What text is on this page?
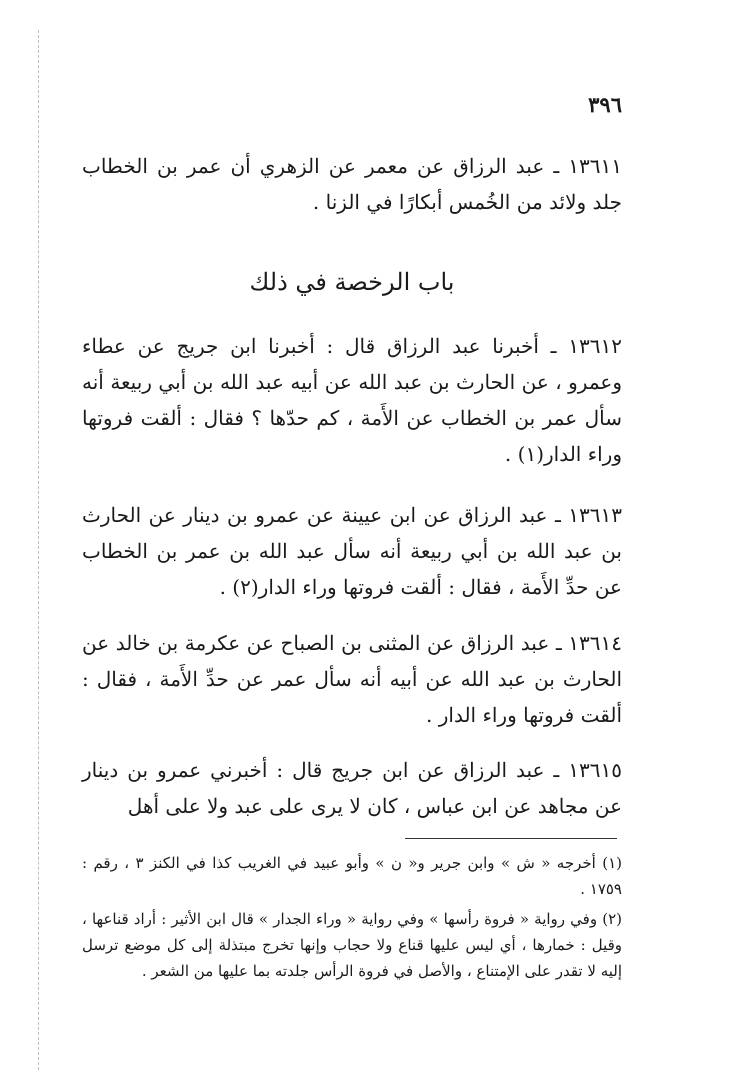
٣٩٦

١٣٦١١ ـ عبد الرزاق عن معمر عن الزهري أن عمر بن الخطاب جلد ولائد من الخُمس أبكارًا في الزنا .

باب الرخصة في ذلك

١٣٦١٢ ـ أخبرنا عبد الرزاق قال : أخبرنا ابن جريج عن عطاء وعمرو ، عن الحارث بن عبد الله عن أبيه عبد الله بن أبي ربيعة أنه سأل عمر بن الخطاب عن الأَمة ، كم حدّها ؟ فقال : ألقت فروتها وراء الدار(١) .

١٣٦١٣ ـ عبد الرزاق عن ابن عيينة عن عمرو بن دينار عن الحارث بن عبد الله بن أبي ربيعة أنه سأل عبد الله بن عمر بن الخطاب عن حدِّ الأَمة ، فقال : ألقت فروتها وراء الدار(٢) .

١٣٦١٤ ـ عبد الرزاق عن المثنى بن الصباح عن عكرمة بن خالد عن الحارث بن عبد الله عن أبيه أنه سأل عمر عن حدِّ الأَمة ، فقال : ألقت فروتها وراء الدار .

١٣٦١٥ ـ عبد الرزاق عن ابن جريج قال : أخبرني عمرو بن دينار عن مجاهد عن ابن عباس ، كان لا يرى على عبد ولا على أهل

(١) أخرجه « ش » وابن جرير و« ن » وأبو عبيد في الغريب كذا في الكنز ٣ ، رقم : ١٧٥٩ .

(٢) وفي رواية « فروة رأسها » وفي رواية « وراء الجدار » قال ابن الأثير : أراد قناعها ، وقيل : خمارها ، أي ليس عليها قناع ولا حجاب وإنها تخرج مبتذلة إلى كل موضع ترسل إليه لا تقدر على الإمتناع ، والأصل في فروة الرأس جلدته بما عليها من الشعر .
